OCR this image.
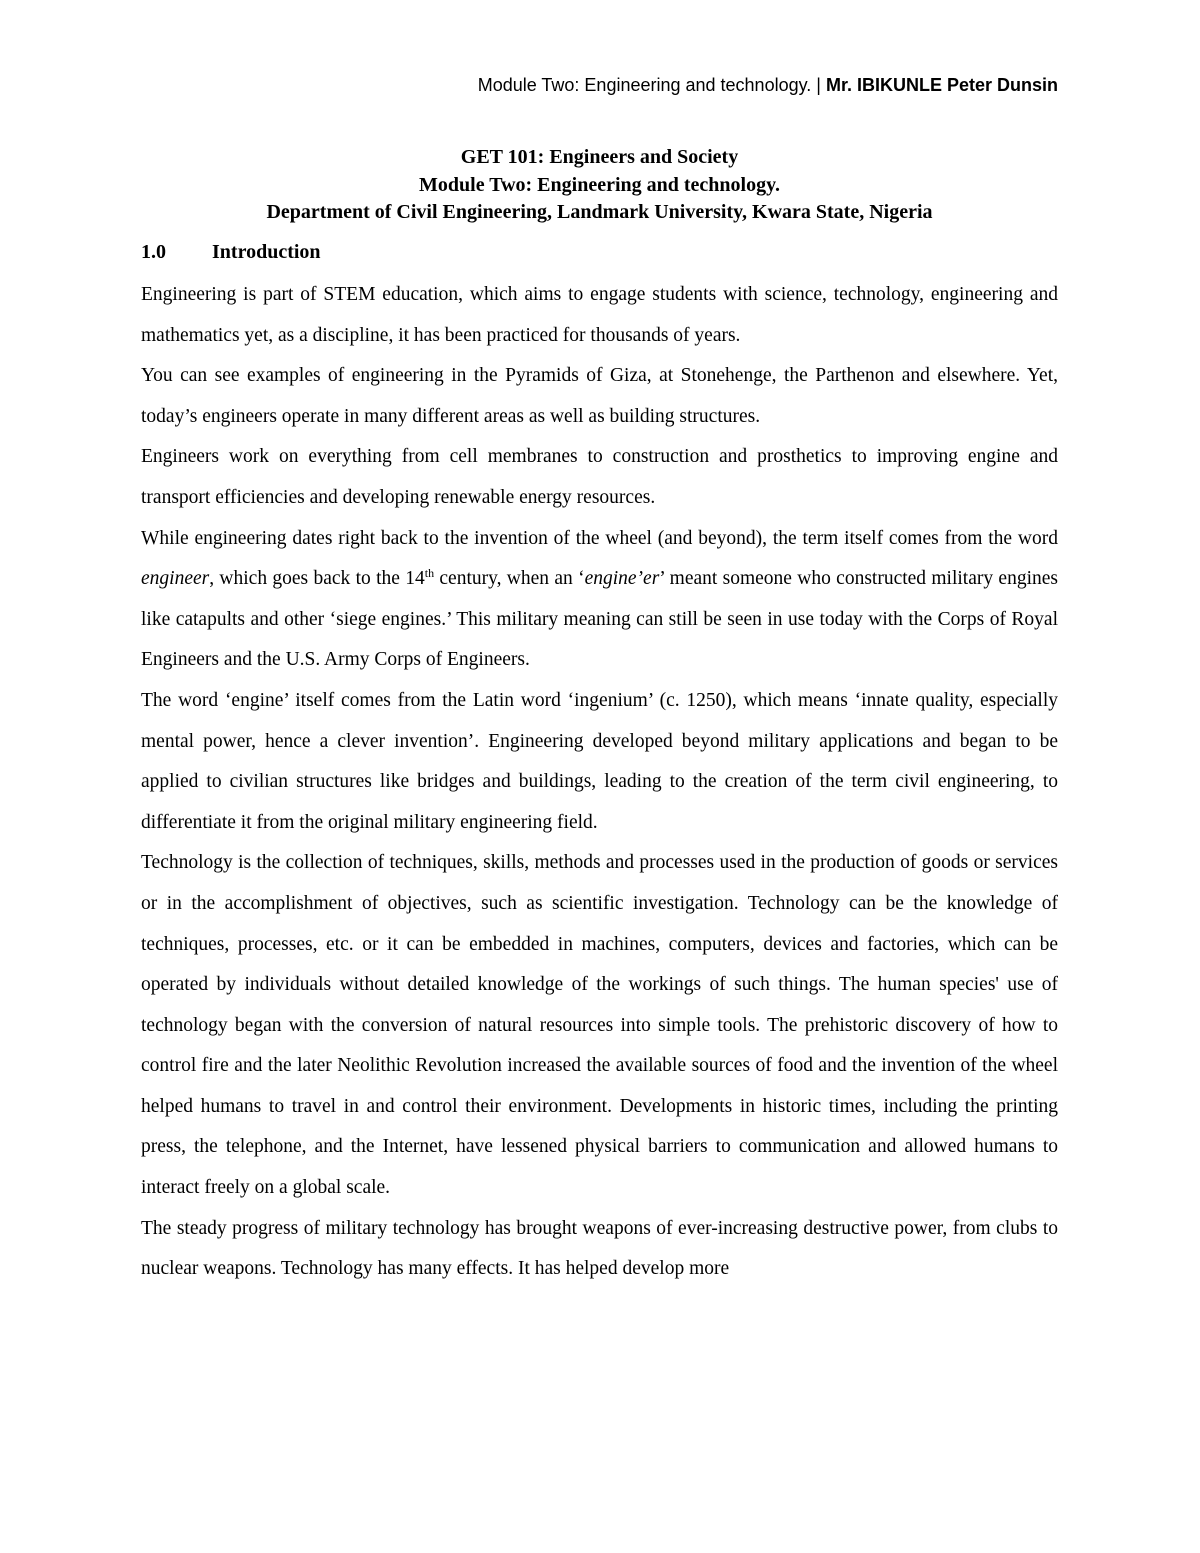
Module Two: Engineering and technology. | Mr. IBIKUNLE Peter Dunsin
GET 101: Engineers and Society
Module Two: Engineering and technology.
Department of Civil Engineering, Landmark University, Kwara State, Nigeria
1.0 Introduction

Engineering is part of STEM education, which aims to engage students with science, technology, engineering and mathematics yet, as a discipline, it has been practiced for thousands of years.

You can see examples of engineering in the Pyramids of Giza, at Stonehenge, the Parthenon and elsewhere. Yet, today’s engineers operate in many different areas as well as building structures.

Engineers work on everything from cell membranes to construction and prosthetics to improving engine and transport efficiencies and developing renewable energy resources.

While engineering dates right back to the invention of the wheel (and beyond), the term itself comes from the word engineer, which goes back to the 14th century, when an ‘engine’er’ meant someone who constructed military engines like catapults and other ‘siege engines.’ This military meaning can still be seen in use today with the Corps of Royal Engineers and the U.S. Army Corps of Engineers.

The word ‘engine’ itself comes from the Latin word ‘ingenium’ (c. 1250), which means ‘innate quality, especially mental power, hence a clever invention’. Engineering developed beyond military applications and began to be applied to civilian structures like bridges and buildings, leading to the creation of the term civil engineering, to differentiate it from the original military engineering field.

Technology is the collection of techniques, skills, methods and processes used in the production of goods or services or in the accomplishment of objectives, such as scientific investigation. Technology can be the knowledge of techniques, processes, etc. or it can be embedded in machines, computers, devices and factories, which can be operated by individuals without detailed knowledge of the workings of such things. The human species' use of technology began with the conversion of natural resources into simple tools. The prehistoric discovery of how to control fire and the later Neolithic Revolution increased the available sources of food and the invention of the wheel helped humans to travel in and control their environment. Developments in historic times, including the printing press, the telephone, and the Internet, have lessened physical barriers to communication and allowed humans to interact freely on a global scale.

The steady progress of military technology has brought weapons of ever-increasing destructive power, from clubs to nuclear weapons. Technology has many effects. It has helped develop more
